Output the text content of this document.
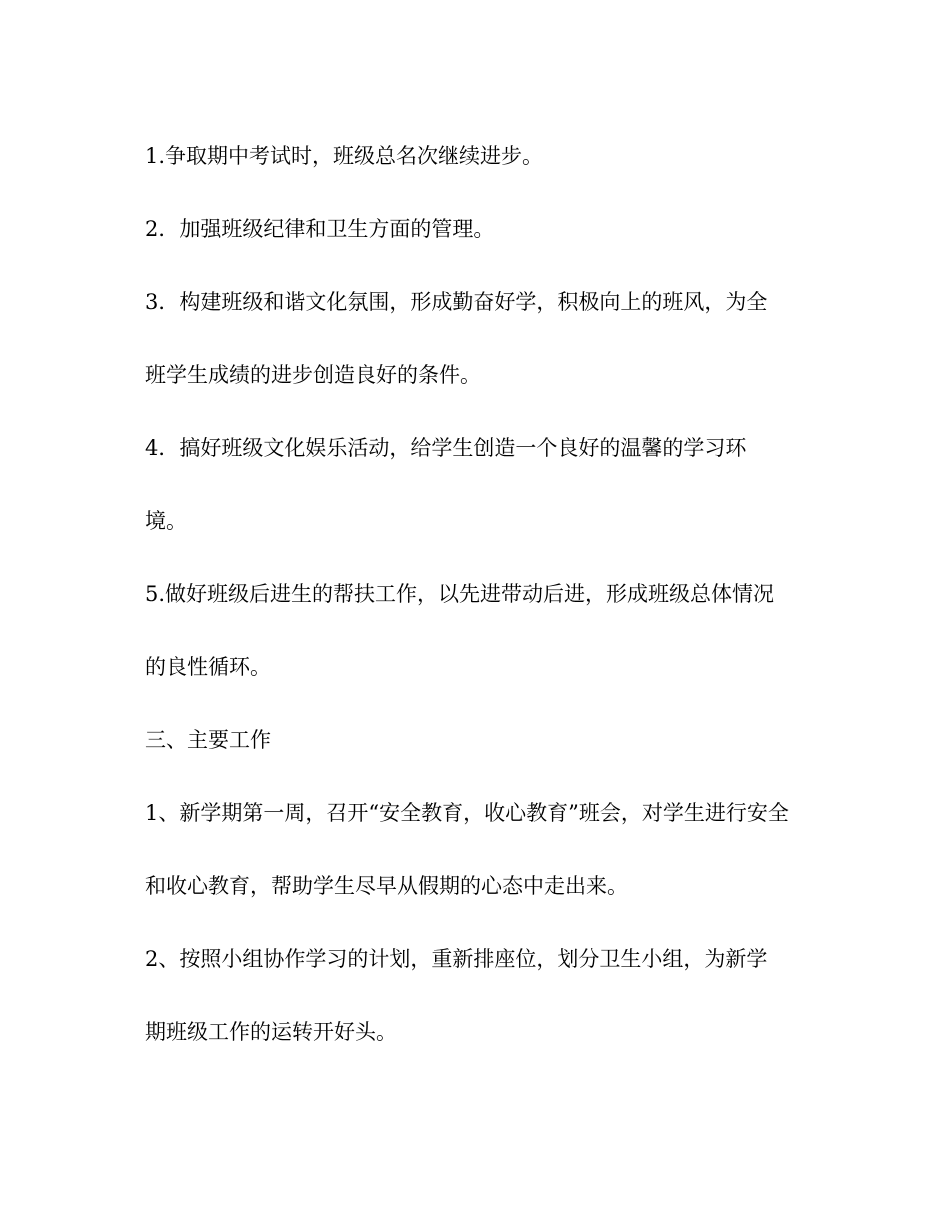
1.争取期中考试时，班级总名次继续进步。
2．加强班级纪律和卫生方面的管理。
3．构建班级和谐文化氛围，形成勤奋好学，积极向上的班风，为全
班学生成绩的进步创造良好的条件。
4．搞好班级文化娱乐活动，给学生创造一个良好的温馨的学习环
境。
5.做好班级后进生的帮扶工作，以先进带动后进，形成班级总体情况
的良性循环。
三、主要工作
1、新学期第一周，召开“安全教育，收心教育”班会，对学生进行安全
和收心教育，帮助学生尽早从假期的心态中走出来。
2、按照小组协作学习的计划，重新排座位，划分卫生小组，为新学
期班级工作的运转开好头。
